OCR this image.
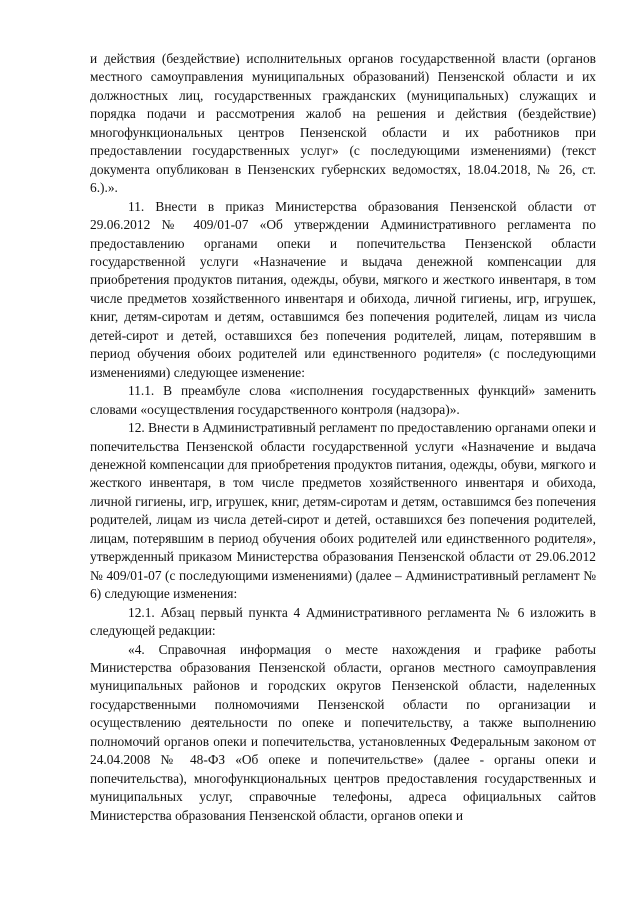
и действия (бездействие) исполнительных органов государственной власти (органов местного самоуправления муниципальных образований) Пензенской области и их должностных лиц, государственных гражданских (муниципальных) служащих и порядка подачи и рассмотрения жалоб на решения и действия (бездействие) многофункциональных центров Пензенской области и их работников при предоставлении государственных услуг» (с последующими изменениями) (текст документа опубликован в Пензенских губернских ведомостях, 18.04.2018, № 26, ст. 6.).».

11. Внести в приказ Министерства образования Пензенской области от 29.06.2012 № 409/01-07 «Об утверждении Административного регламента по предоставлению органами опеки и попечительства Пензенской области государственной услуги «Назначение и выдача денежной компенсации для приобретения продуктов питания, одежды, обуви, мягкого и жесткого инвентаря, в том числе предметов хозяйственного инвентаря и обихода, личной гигиены, игр, игрушек, книг, детям-сиротам и детям, оставшимся без попечения родителей, лицам из числа детей-сирот и детей, оставшихся без попечения родителей, лицам, потерявшим в период обучения обоих родителей или единственного родителя» (с последующими изменениями) следующее изменение:

11.1. В преамбуле слова «исполнения государственных функций» заменить словами «осуществления государственного контроля (надзора)».

12. Внести в Административный регламент по предоставлению органами опеки и попечительства Пензенской области государственной услуги «Назначение и выдача денежной компенсации для приобретения продуктов питания, одежды, обуви, мягкого и жесткого инвентаря, в том числе предметов хозяйственного инвентаря и обихода, личной гигиены, игр, игрушек, книг, детям-сиротам и детям, оставшимся без попечения родителей, лицам из числа детей-сирот и детей, оставшихся без попечения родителей, лицам, потерявшим в период обучения обоих родителей или единственного родителя», утвержденный приказом Министерства образования Пензенской области от 29.06.2012 № 409/01-07 (с последующими изменениями) (далее – Административный регламент № 6) следующие изменения:

12.1. Абзац первый пункта 4 Административного регламента № 6 изложить в следующей редакции:

«4. Справочная информация о месте нахождения и графике работы Министерства образования Пензенской области, органов местного самоуправления муниципальных районов и городских округов Пензенской области, наделенных государственными полномочиями Пензенской области по организации и осуществлению деятельности по опеке и попечительству, а также выполнению полномочий органов опеки и попечительства, установленных Федеральным законом от 24.04.2008 № 48-ФЗ «Об опеке и попечительстве» (далее - органы опеки и попечительства), многофункциональных центров предоставления государственных и муниципальных услуг, справочные телефоны, адреса официальных сайтов Министерства образования Пензенской области, органов опеки и
